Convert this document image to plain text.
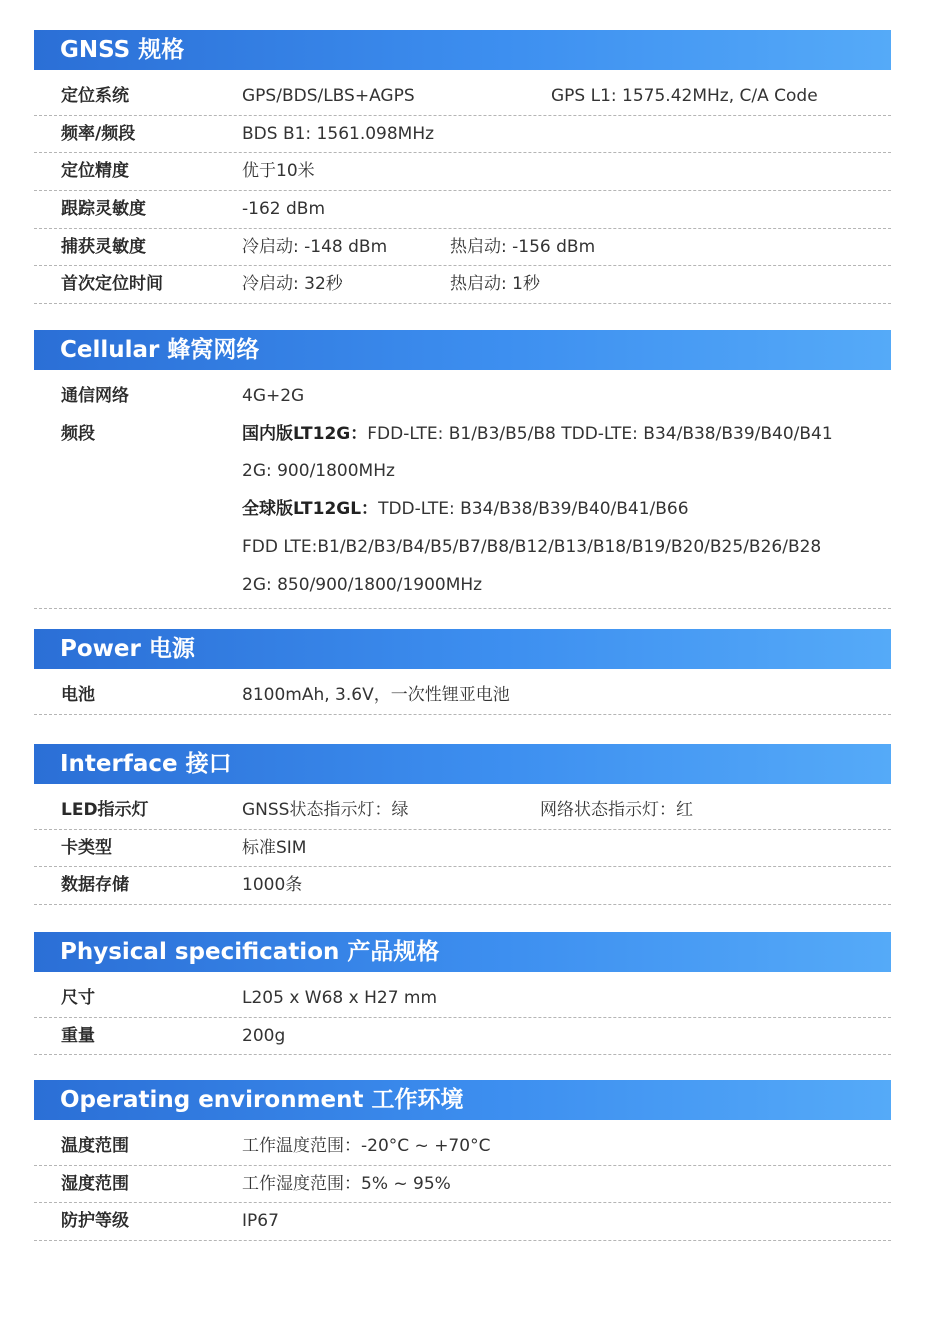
GNSS 规格
定位系统	GPS/BDS/LBS+AGPS	GPS L1: 1575.42MHz, C/A Code
频率/频段	BDS B1: 1561.098MHz
定位精度	优于10米
跟踪灵敏度	-162 dBm
捕获灵敏度	冷启动: -148 dBm	热启动: -156 dBm
首次定位时间	冷启动: 32秒	热启动: 1秒
Cellular 蜂窝网络
通信网络	4G+2G
频段	国内版LT12G：FDD-LTE: B1/B3/B5/B8 TDD-LTE: B34/B38/B39/B40/B41
2G: 900/1800MHz
全球版LT12GL：TDD-LTE: B34/B38/B39/B40/B41/B66
FDD LTE:B1/B2/B3/B4/B5/B7/B8/B12/B13/B18/B19/B20/B25/B26/B28
2G: 850/900/1800/1900MHz
Power 电源
电池	8100mAh, 3.6V，一次性锂亚电池
Interface 接口
LED指示灯	GNSS状态指示灯：绿	网络状态指示灯：红
卡类型	标准SIM
数据存储	1000条
Physical specification 产品规格
尺寸	L205 x W68 x H27 mm
重量	200g
Operating environment 工作环境
温度范围	工作温度范围：-20°C ~ +70°C
湿度范围	工作湿度范围：5% ~ 95%
防护等级	IP67
